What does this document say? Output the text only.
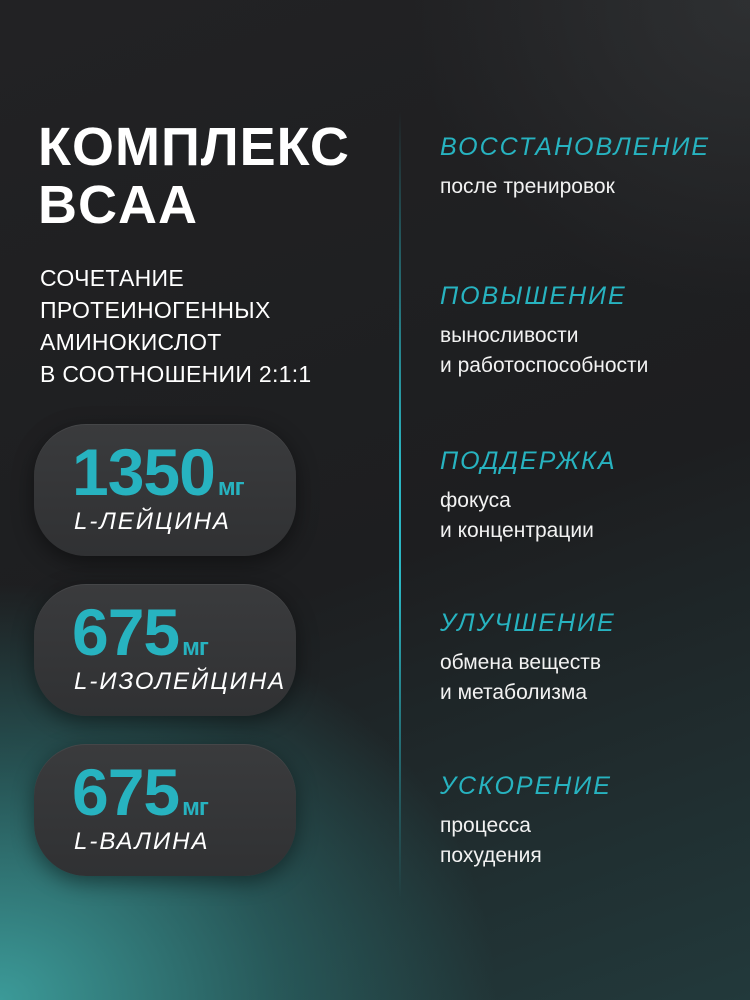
КОМПЛЕКС
BCAA
СОЧЕТАНИЕ
ПРОТЕИНОГЕННЫХ
АМИНОКИСЛОТ
В СООТНОШЕНИИ 2:1:1
1350 мг
L-ЛЕЙЦИНА
675 мг
L-ИЗОЛЕЙЦИНА
675 мг
L-ВАЛИНА
ВОССТАНОВЛЕНИЕ
после тренировок
ПОВЫШЕНИЕ
выносливости
и работоспособности
ПОДДЕРЖКА
фокуса
и концентрации
УЛУЧШЕНИЕ
обмена веществ
и метаболизма
УСКОРЕНИЕ
процесса
похудения
